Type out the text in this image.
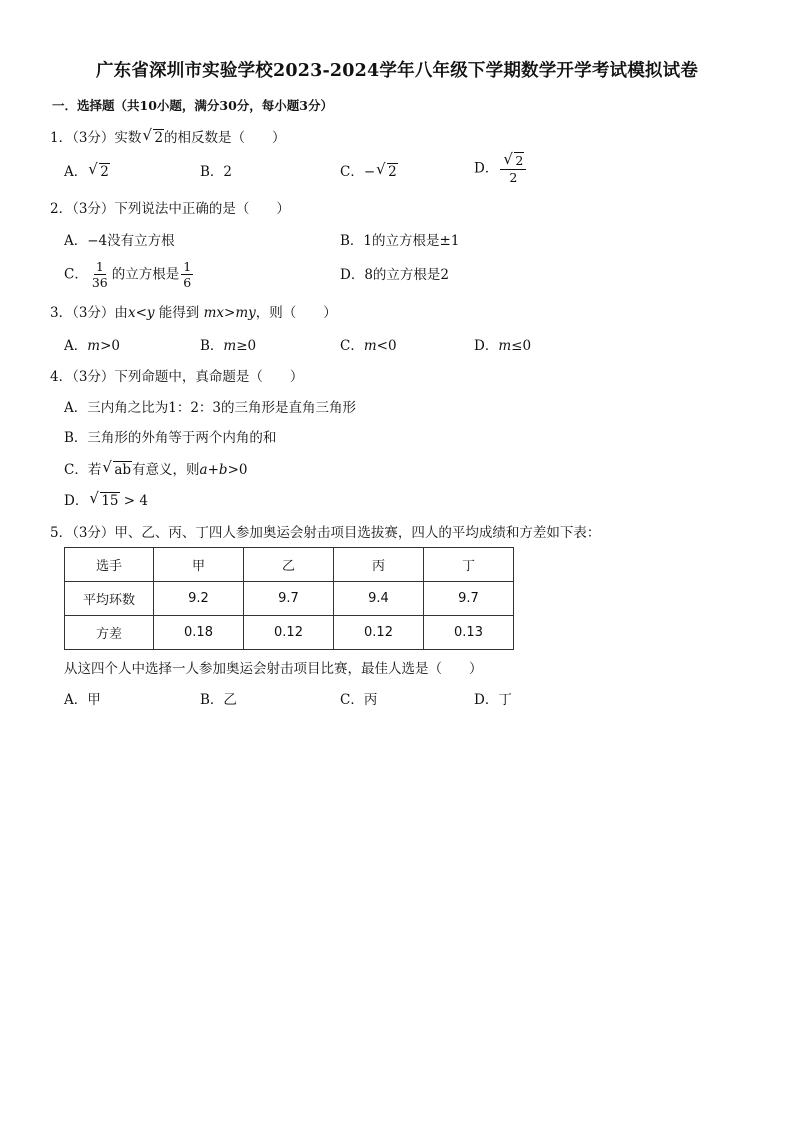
广东省深圳市实验学校2023-2024学年八年级下学期数学开学考试模拟试卷
一．选择题（共10小题，满分30分，每小题3分）
1．（3分）实数 √ 2的相反数是（　　）
A． √ 2	B．2	C．− √ 2	D． $\frac{√ 2}{2}$
2．（3分）下列说法中正确的是（　　）
A．−4没有立方根	B．1的立方根是±1
C． $\frac{1}{36}$ 的立方根是 $\frac{1}{6}$	D．8的立方根是2
3．（3分）由x<y 能得到 mx>my，则（　　）
A．m>0	B．m≥0	C．m<0	D．m≤0
4．（3分）下列命题中，真命题是（　　）
A．三内角之比为1：2：3的三角形是直角三角形
B．三角形的外角等于两个内角的和
C．若 √ ab有意义，则a+b>0
D． √ 15 > 4
5．（3分）甲、乙、丙、丁四人参加奥运会射击项目选拔赛，四人的平均成绩和方差如下表：
选手	甲	乙	丙	丁
平均环数	9.2	9.7	9.4	9.7
方差	0.18	0.12	0.12	0.13
从这四个人中选择一人参加奥运会射击项目比赛，最佳人选是（　　）
A．甲	B．乙	C．丙	D．丁
